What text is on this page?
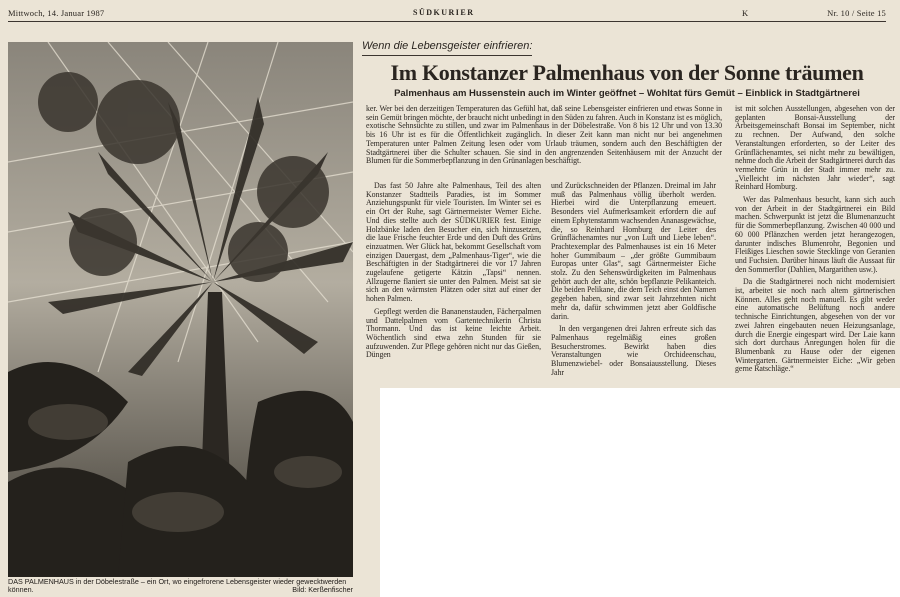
Mittwoch, 14. Januar 1987	SÜDKURIER	K	Nr. 10 / Seite 15
DAS PALMENHAUS in der Döbelestraße – ein Ort, wo eingefrorene Lebensgeister wieder gewecktwerden können.	Bild: Kerßenfischer
Wenn die Lebensgeister einfrieren:
Im Konstanzer Palmenhaus von der Sonne träumen
Palmenhaus am Hussenstein auch im Winter geöffnet – Wohltat fürs Gemüt – Einblick in Stadtgärtnerei

ker. Wer bei den derzeitigen Temperaturen das Gefühl hat, daß seine Lebensgeister einfrieren und etwas Sonne in sein Gemüt bringen möchte, der braucht nicht unbedingt in den Süden zu fahren. Auch in Konstanz ist es möglich, exotische Sehnsüchte zu stillen, und zwar im Palmenhaus in der Döbelestraße. Von 8 bis 12 Uhr und von 13.30 bis 16 Uhr ist es für die Öffentlichkeit zugänglich. In dieser Zeit kann man nicht nur bei angenehmen Temperaturen unter Palmen Zeitung lesen oder vom Urlaub träumen, sondern auch den Beschäftigten der Stadtgärtnerei über die Schulter schauen. Sie sind in den angrenzenden Seitenhäusern mit der Anzucht der Blumen für die Sommerbepflanzung in den Grünanlagen beschäftigt.

Das fast 50 Jahre alte Palmenhaus, Teil des alten Konstanzer Stadtteils Paradies, ist im Sommer Anziehungspunkt für viele Touristen. Im Winter sei es ein Ort der Ruhe, sagt Gärtnermeister Werner Eiche. Und dies stellte auch der SÜDKURIER fest. Einige Holzbänke laden den Besucher ein, sich hinzusetzen, die laue Frische feuchter Erde und den Duft des Grüns einzuatmen. Wer Glück hat, bekommt Gesellschaft vom einzigen Dauergast, dem „Palmenhaus-Tiger“, wie die Beschäftigten in der Stadtgärtnerei die vor 17 Jahren zugelaufene getigerte Kätzin „Tapsi“ nennen. Allzugerne flaniert sie unter den Palmen. Meist sat sie sich an den wärmsten Plätzen oder sitzt auf einer der hohen Palmen.

Gepflegt werden die Bananenstauden, Fächerpalmen und Dattelpalmen vom Gartentechnikerin Christa Thormann. Und das ist keine leichte Arbeit. Wöchentlich sind etwa zehn Stunden für sie aufzuwenden. Zur Pflege gehören nicht nur das Gießen, Düngen

und Zurückschneiden der Pflanzen. Dreimal im Jahr muß das Palmenhaus völlig überholt werden. Hierbei wird die Unterpflanzung erneuert. Besonders viel Aufmerksamkeit erfordern die auf einem Ephytenstamm wachsenden Ananasgewächse, die, so Reinhard Homburg der Leiter des Grünflächenamtes nur „von Luft und Liebe leben“. Prachtexemplar des Palmenhauses ist ein 16 Meter hoher Gummibaum – „der größte Gummibaum Europas unter Glas“, sagt Gärtnermeister Eiche stolz. Zu den Sehenswürdigkeiten im Palmenhaus gehört auch der alte, schön bepflanzte Pelikanteich. Die beiden Pelikane, die dem Teich einst den Namen gegeben haben, sind zwar seit Jahrzehnten nicht mehr da, dafür schwimmen jetzt aber Goldfische darin.

In den vergangenen drei Jahren erfreute sich das Palmenhaus regelmäßig eines großen Besucherstromes. Bewirkt haben dies Veranstaltungen wie Orchideenschau, Blumenzwiebel- oder Bonsaiausstellung. Dieses Jahr

ist mit solchen Ausstellungen, abgesehen von der geplanten Bonsai-Ausstellung der Arbeitsgemeinschaft Bonsai im September, nicht zu rechnen. Der Aufwand, den solche Veranstaltungen erforderten, so der Leiter des Grünflächenamtes, sei nicht mehr zu bewältigen, nehme doch die Arbeit der Stadtgärtnerei durch das vermehrte Grün in der Stadt immer mehr zu. „Vielleicht im nächsten Jahr wieder“, sagt Reinhard Homburg.

Wer das Palmenhaus besucht, kann sich auch von der Arbeit in der Stadtgärtnerei ein Bild machen. Schwerpunkt ist jetzt die Blumenanzucht für die Sommerbepflanzung. Zwischen 40 000 und 60 000 Pflänzchen werden jetzt herangezogen, darunter indisches Blumenrohr, Begonien und Fleißiges Lieschen sowie Stecklinge von Geranien und Fuchsien. Darüber hinaus läuft die Aussaat für den Sommerflor (Dahlien, Margarithen usw.).

Da die Stadtgärtnerei noch nicht modernisiert ist, arbeitet sie noch nach altem gärtnerischen Können. Alles geht noch manuell. Es gibt weder eine automatische Belüftung noch andere technische Einrichtungen, abgesehen von der vor zwei Jahren eingebauten neuen Heizungsanlage, durch die Energie eingespart wird. Der Laie kann sich dort durchaus Anregungen holen für die Blumenbank zu Hause oder der eigenen Wintergarten. Gärtnermeister Eiche: „Wir geben gerne Ratschläge.“
